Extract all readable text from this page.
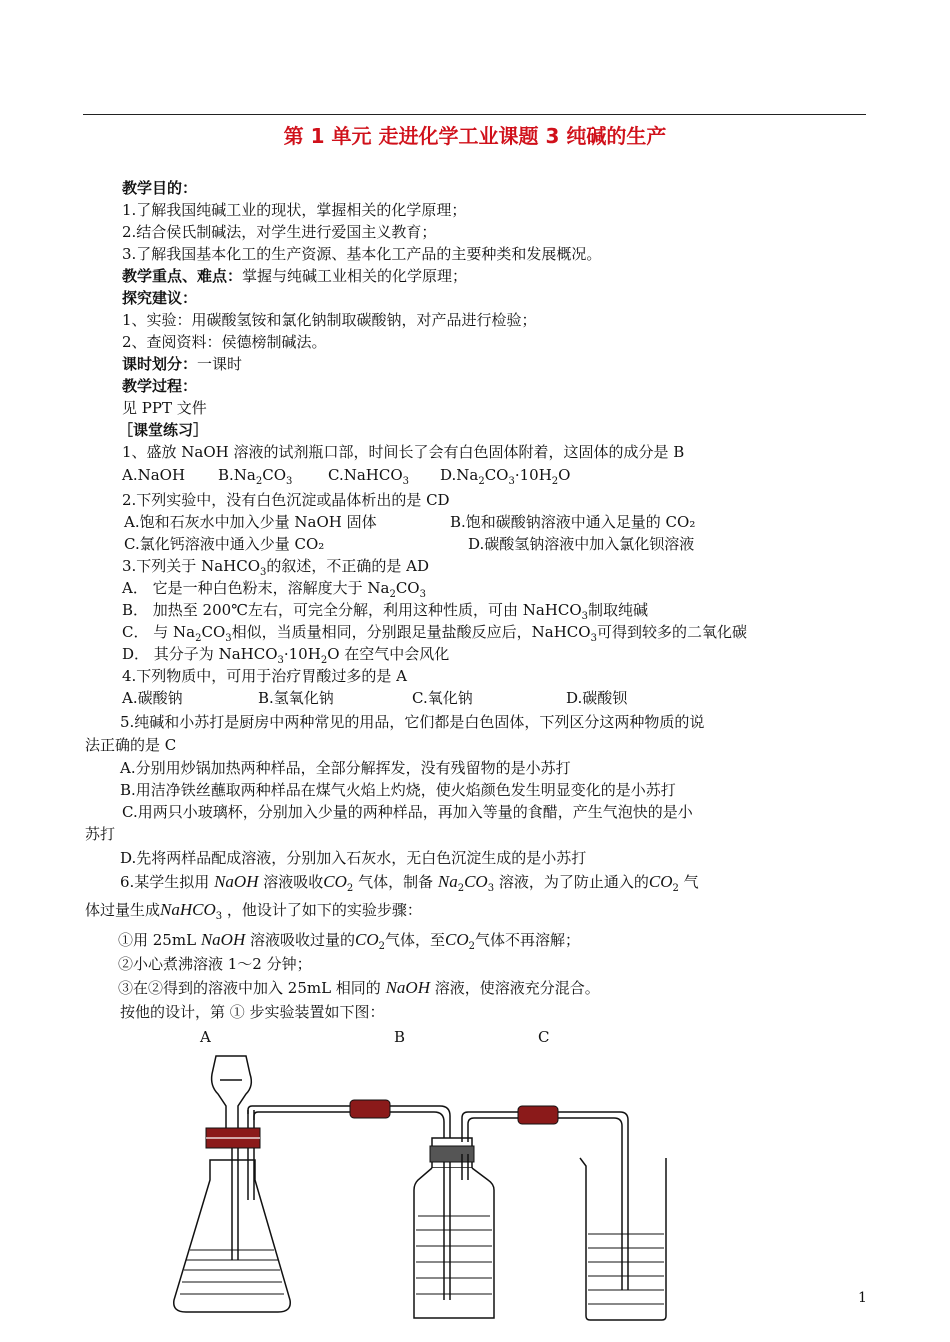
第 1 单元 走进化学工业课题 3 纯碱的生产
教学目的：
1.了解我国纯碱工业的现状，掌握相关的化学原理；
2.结合侯氏制碱法，对学生进行爱国主义教育；
3.了解我国基本化工的生产资源、基本化工产品的主要种类和发展概况。
教学重点、难点：掌握与纯碱工业相关的化学原理；
探究建议：
1、实验：用碳酸氢铵和氯化钠制取碳酸钠，对产品进行检验；
2、查阅资料：侯德榜制碱法。
课时划分：一课时
教学过程：
见 PPT 文件
［课堂练习］
1、盛放 NaOH 溶液的试剂瓶口部，时间长了会有白色固体附着，这固体的成分是 B
A.NaOH $B.Na_2CO_3$ C.NaHCO$_3$ $D.Na_2CO_3\cdot 10H_2O$
2.下列实验中，没有白色沉淀或晶体析出的是 CD
A.饱和石灰水中加入少量 NaOH 固体	B.饱和碳酸钠溶液中通入足量的 CO₂
C.氯化钙溶液中通入少量 CO₂	D.碳酸氢钠溶液中加入氯化钡溶液
3.下列关于 NaHCO$_3$的叙述，不正确的是 AD
A． 它是一种白色粉末，溶解度大于 $Na_2CO_3$
B． 加热至 200℃左右，可完全分解，利用这种性质，可由 NaHCO$_3$制取纯碱
C． 与 $Na_2CO_3$相似，当质量相同，分别跟足量盐酸反应后，NaHCO$_3$可得到较多的二氧化碳
D． 其分子为 $NaHCO_3\cdot 10H_2O$ 在空气中会风化
4.下列物质中，可用于治疗胃酸过多的是 A
A.碳酸钠	B.氢氧化钠	C.氧化钠	D.碳酸钡
5.纯碱和小苏打是厨房中两种常见的用品，它们都是白色固体，下列区分这两种物质的说
法正确的是 C
A.分别用炒锅加热两种样品，全部分解挥发，没有残留物的是小苏打
B.用洁净铁丝蘸取两种样品在煤气火焰上灼烧，使火焰颜色发生明显变化的是小苏打
C.用两只小玻璃杯，分别加入少量的两种样品，再加入等量的食醋，产生气泡快的是小
苏打
D.先将两样品配成溶液，分别加入石灰水，无白色沉淀生成的是小苏打
6.某学生拟用 NaOH 溶液吸收$CO_2$ 气体，制备 $Na_2CO_3$ 溶液，为了防止通入的$CO_2$ 气
体过量生成NaHCO$_3$ ，他设计了如下的实验步骤：
①用 25mL NaOH 溶液吸收过量的$CO_2$气体，至$CO_2$气体不再溶解；
②小心煮沸溶液 1～2 分钟；
③在②得到的溶液中加入 25mL 相同的 NaOH 溶液，使溶液充分混合。
按他的设计，第 ① 步实验装置如下图：
A	B	C
1
